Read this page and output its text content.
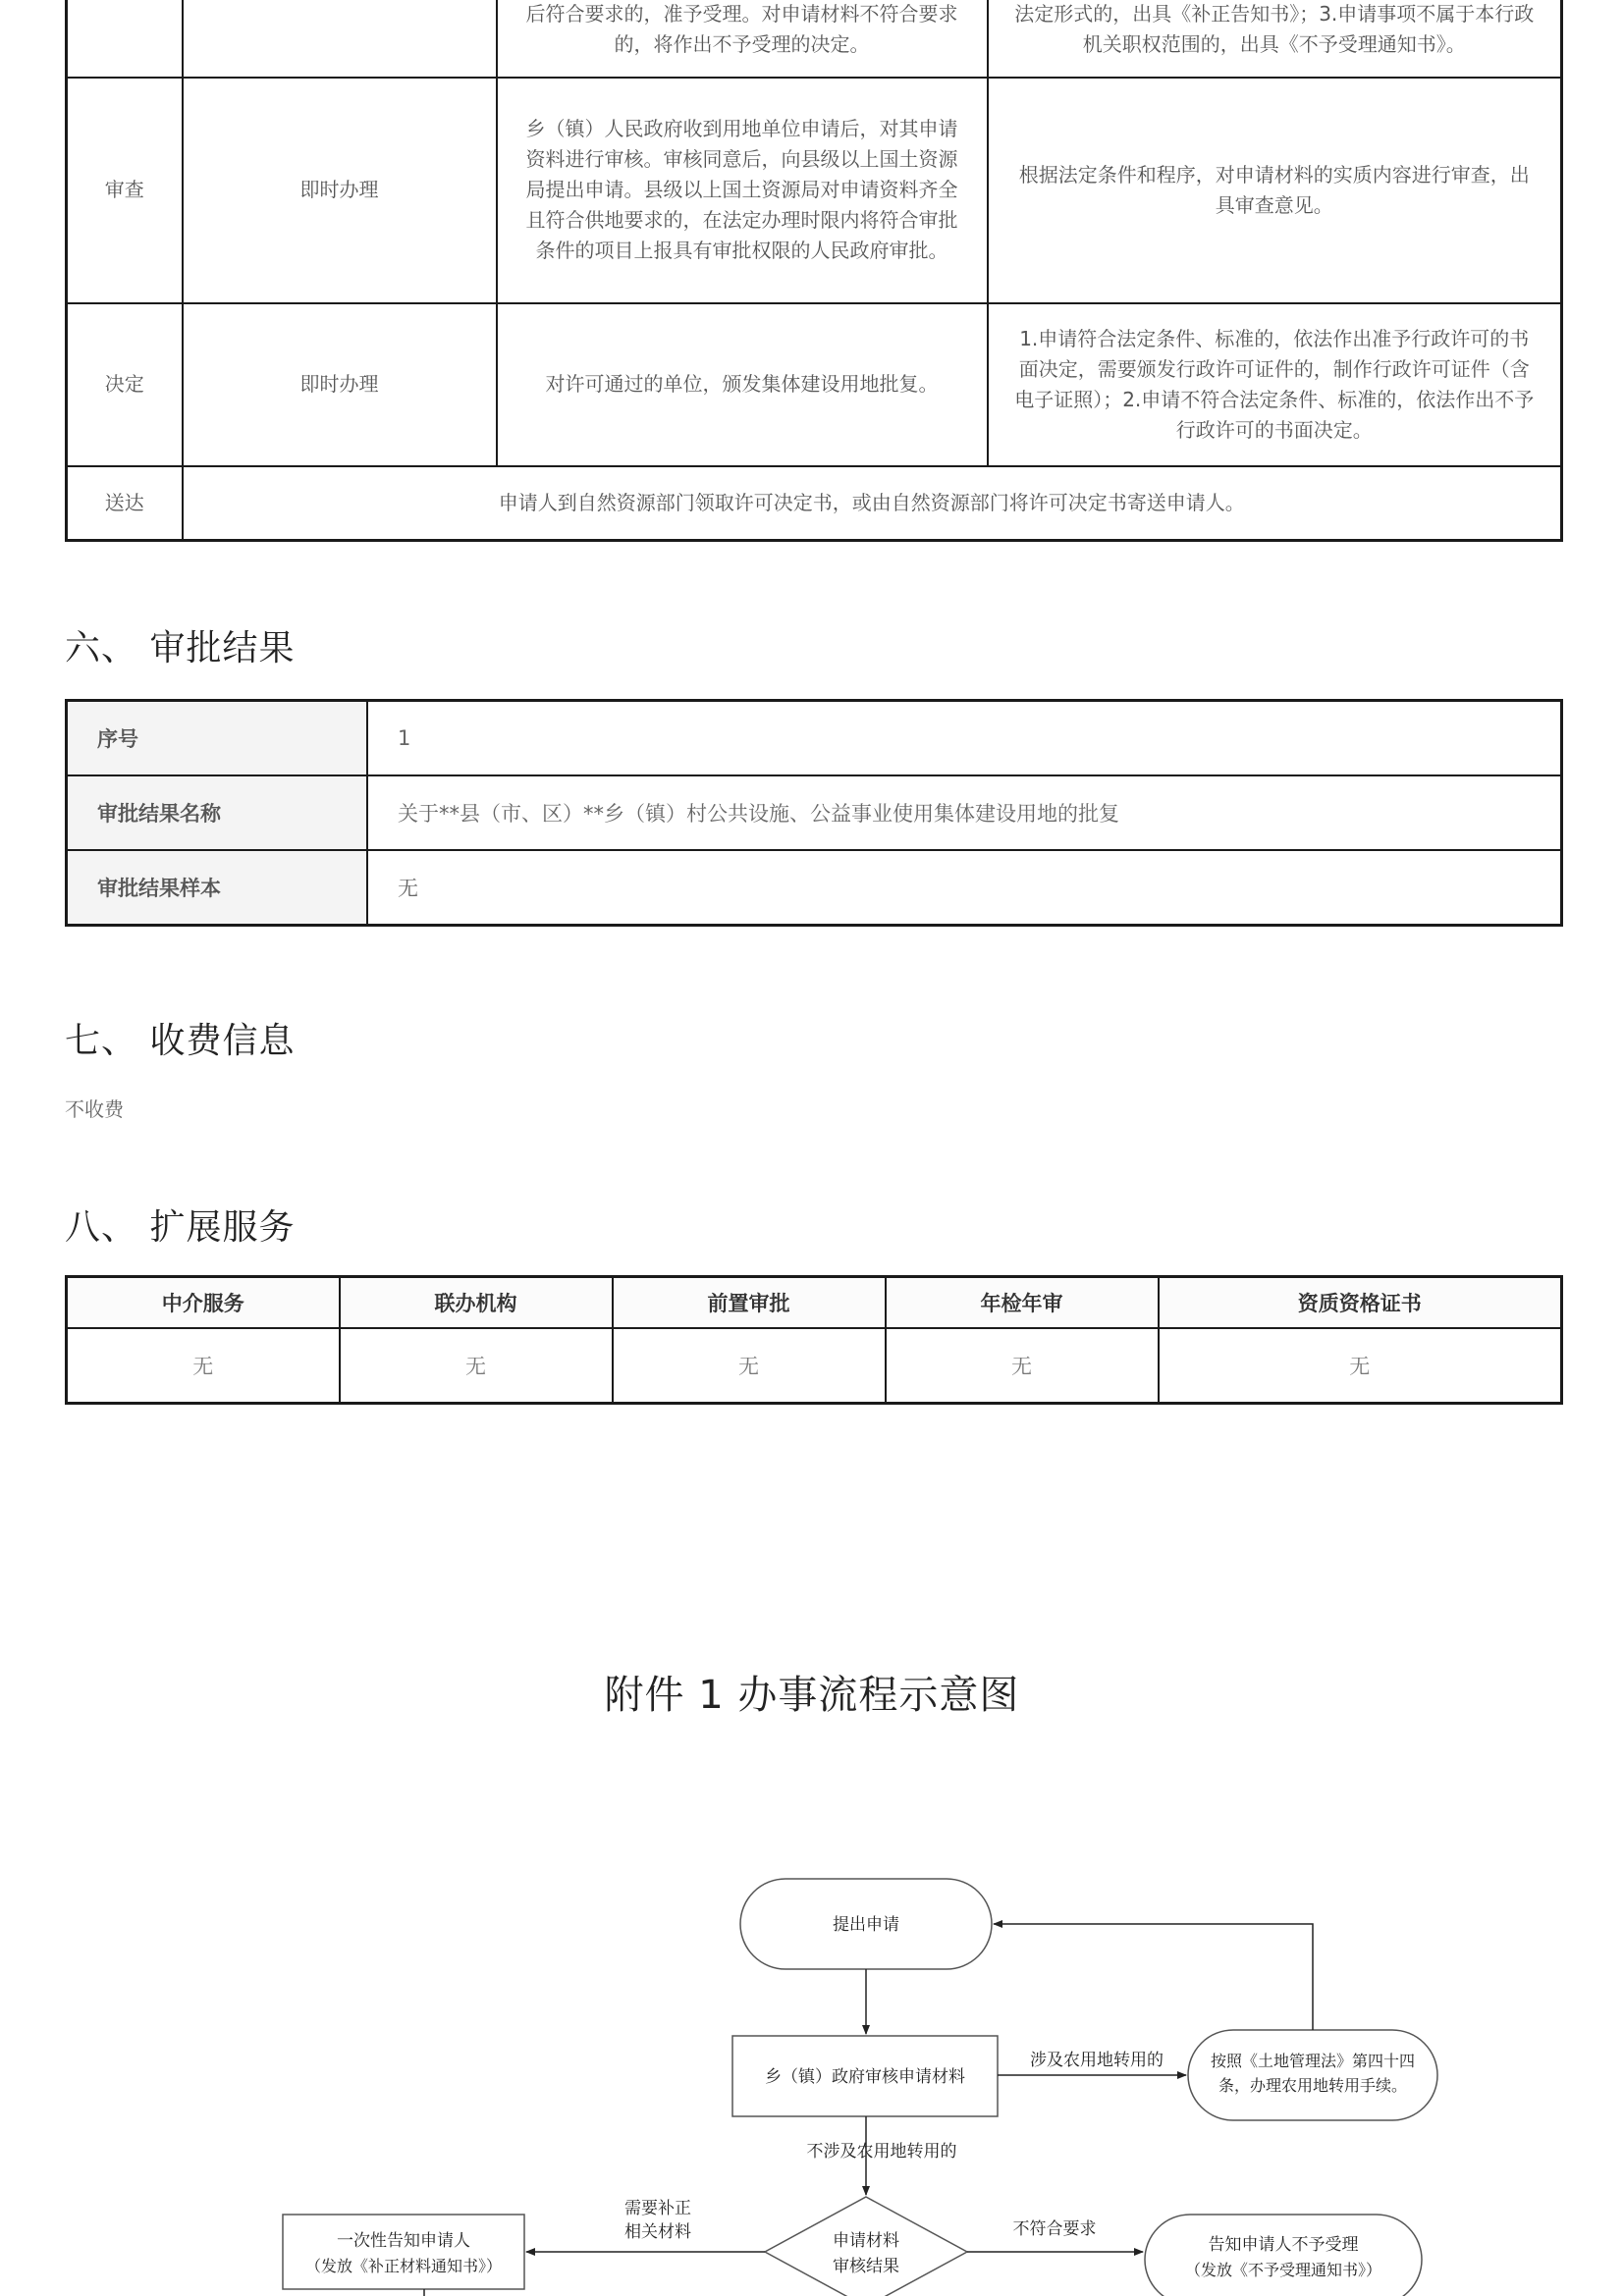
		后符合要求的，准予受理。对申请材料不符合要求的，将作出不予受理的决定。	法定形式的，出具《补正告知书》；3.申请事项不属于本行政机关职权范围的，出具《不予受理通知书》。
审查	即时办理	乡（镇）人民政府收到用地单位申请后，对其申请资料进行审核。审核同意后，向县级以上国土资源局提出申请。县级以上国土资源局对申请资料齐全且符合供地要求的，在法定办理时限内将符合审批条件的项目上报具有审批权限的人民政府审批。	根据法定条件和程序，对申请材料的实质内容进行审查，出具审查意见。
决定	即时办理	对许可通过的单位，颁发集体建设用地批复。	1.申请符合法定条件、标准的，依法作出准予行政许可的书面决定，需要颁发行政许可证件的，制作行政许可证件（含电子证照）；2.申请不符合法定条件、标准的，依法作出不予行政许可的书面决定。
送达	申请人到自然资源部门领取许可决定书，或由自然资源部门将许可决定书寄送申请人。		
六、 审批结果
序号	1
审批结果名称	关于**县（市、区）**乡（镇）村公共设施、公益事业使用集体建设用地的批复
审批结果样本	无
七、 收费信息
不收费
八、 扩展服务
中介服务	联办机构	前置审批	年检年审	资质资格证书
无	无	无	无	无
附件 1 办事流程示意图
提出申请
乡（镇）政府审核申请材料
涉及农用地转用的	按照《土地管理法》第四十四
条，办理农用地转用手续。
不涉及农用地转用的
申请材料
审核结果
需要补正
相关材料
一次性告知申请人
（发放《补正材料通知书》）
不符合要求
告知申请人不予受理
（发放《不予受理通知书》）
